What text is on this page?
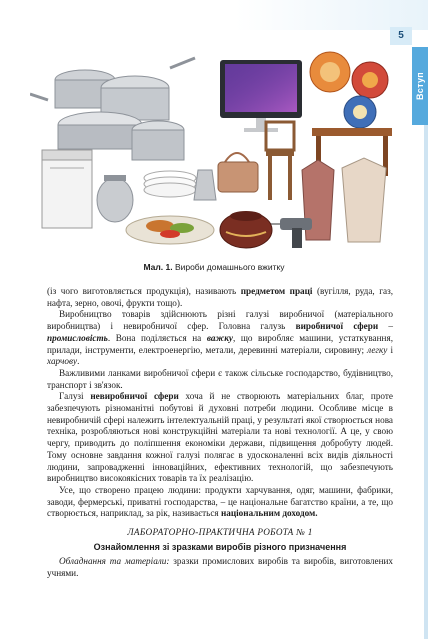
5
Вступ
Мал. 1. Вироби домашнього вжитку

(із чого виготовляється продукція), називають предметом праці (вугілля, руда, газ, нафта, зерно, овочі, фрукти тощо).

Виробництво товарів здійснюють різні галузі виробничої (матеріального виробництва) і невиробничої сфер. Головна галузь виробничої сфери – промисловість. Вона поділяється на важку, що виробляє машини, устаткування, прилади, інструменти, електроенергію, метали, деревинні матеріали, сировину; легку і харчову.

Важливими ланками виробничої сфери є також сільське господарство, будівництво, транспорт і зв'язок.

Галузі невиробничої сфери хоча й не створюють матеріальних благ, проте забезпечують різноманітні побутові й духовні потреби людини. Особливе місце в невиробничій сфері належить інтелектуальній праці, у результаті якої створюється нова техніка, розробляються нові конструкційні матеріали та нові технології. А це, у свою чергу, приводить до поліпшення економіки держави, підвищення добробуту людей. Тому основне завдання кожної галузі полягає в удосконаленні всіх видів діяльності людини, запровадженні інноваційних, ефективних технологій, що забезпечують виробництво високоякісних товарів та їх реалізацію.

Усе, що створено працею людини: продукти харчування, одяг, машини, фабрики, заводи, фермерські, приватні господарства, – це національне багатство країни, а те, що створюється, наприклад, за рік, називається національним доходом.

ЛАБОРАТОРНО-ПРАКТИЧНА РОБОТА № 1

Ознайомлення зі зразками виробів різного призначення

Обладнання та матеріали: зразки промислових виробів та виробів, виготовлених учнями.
